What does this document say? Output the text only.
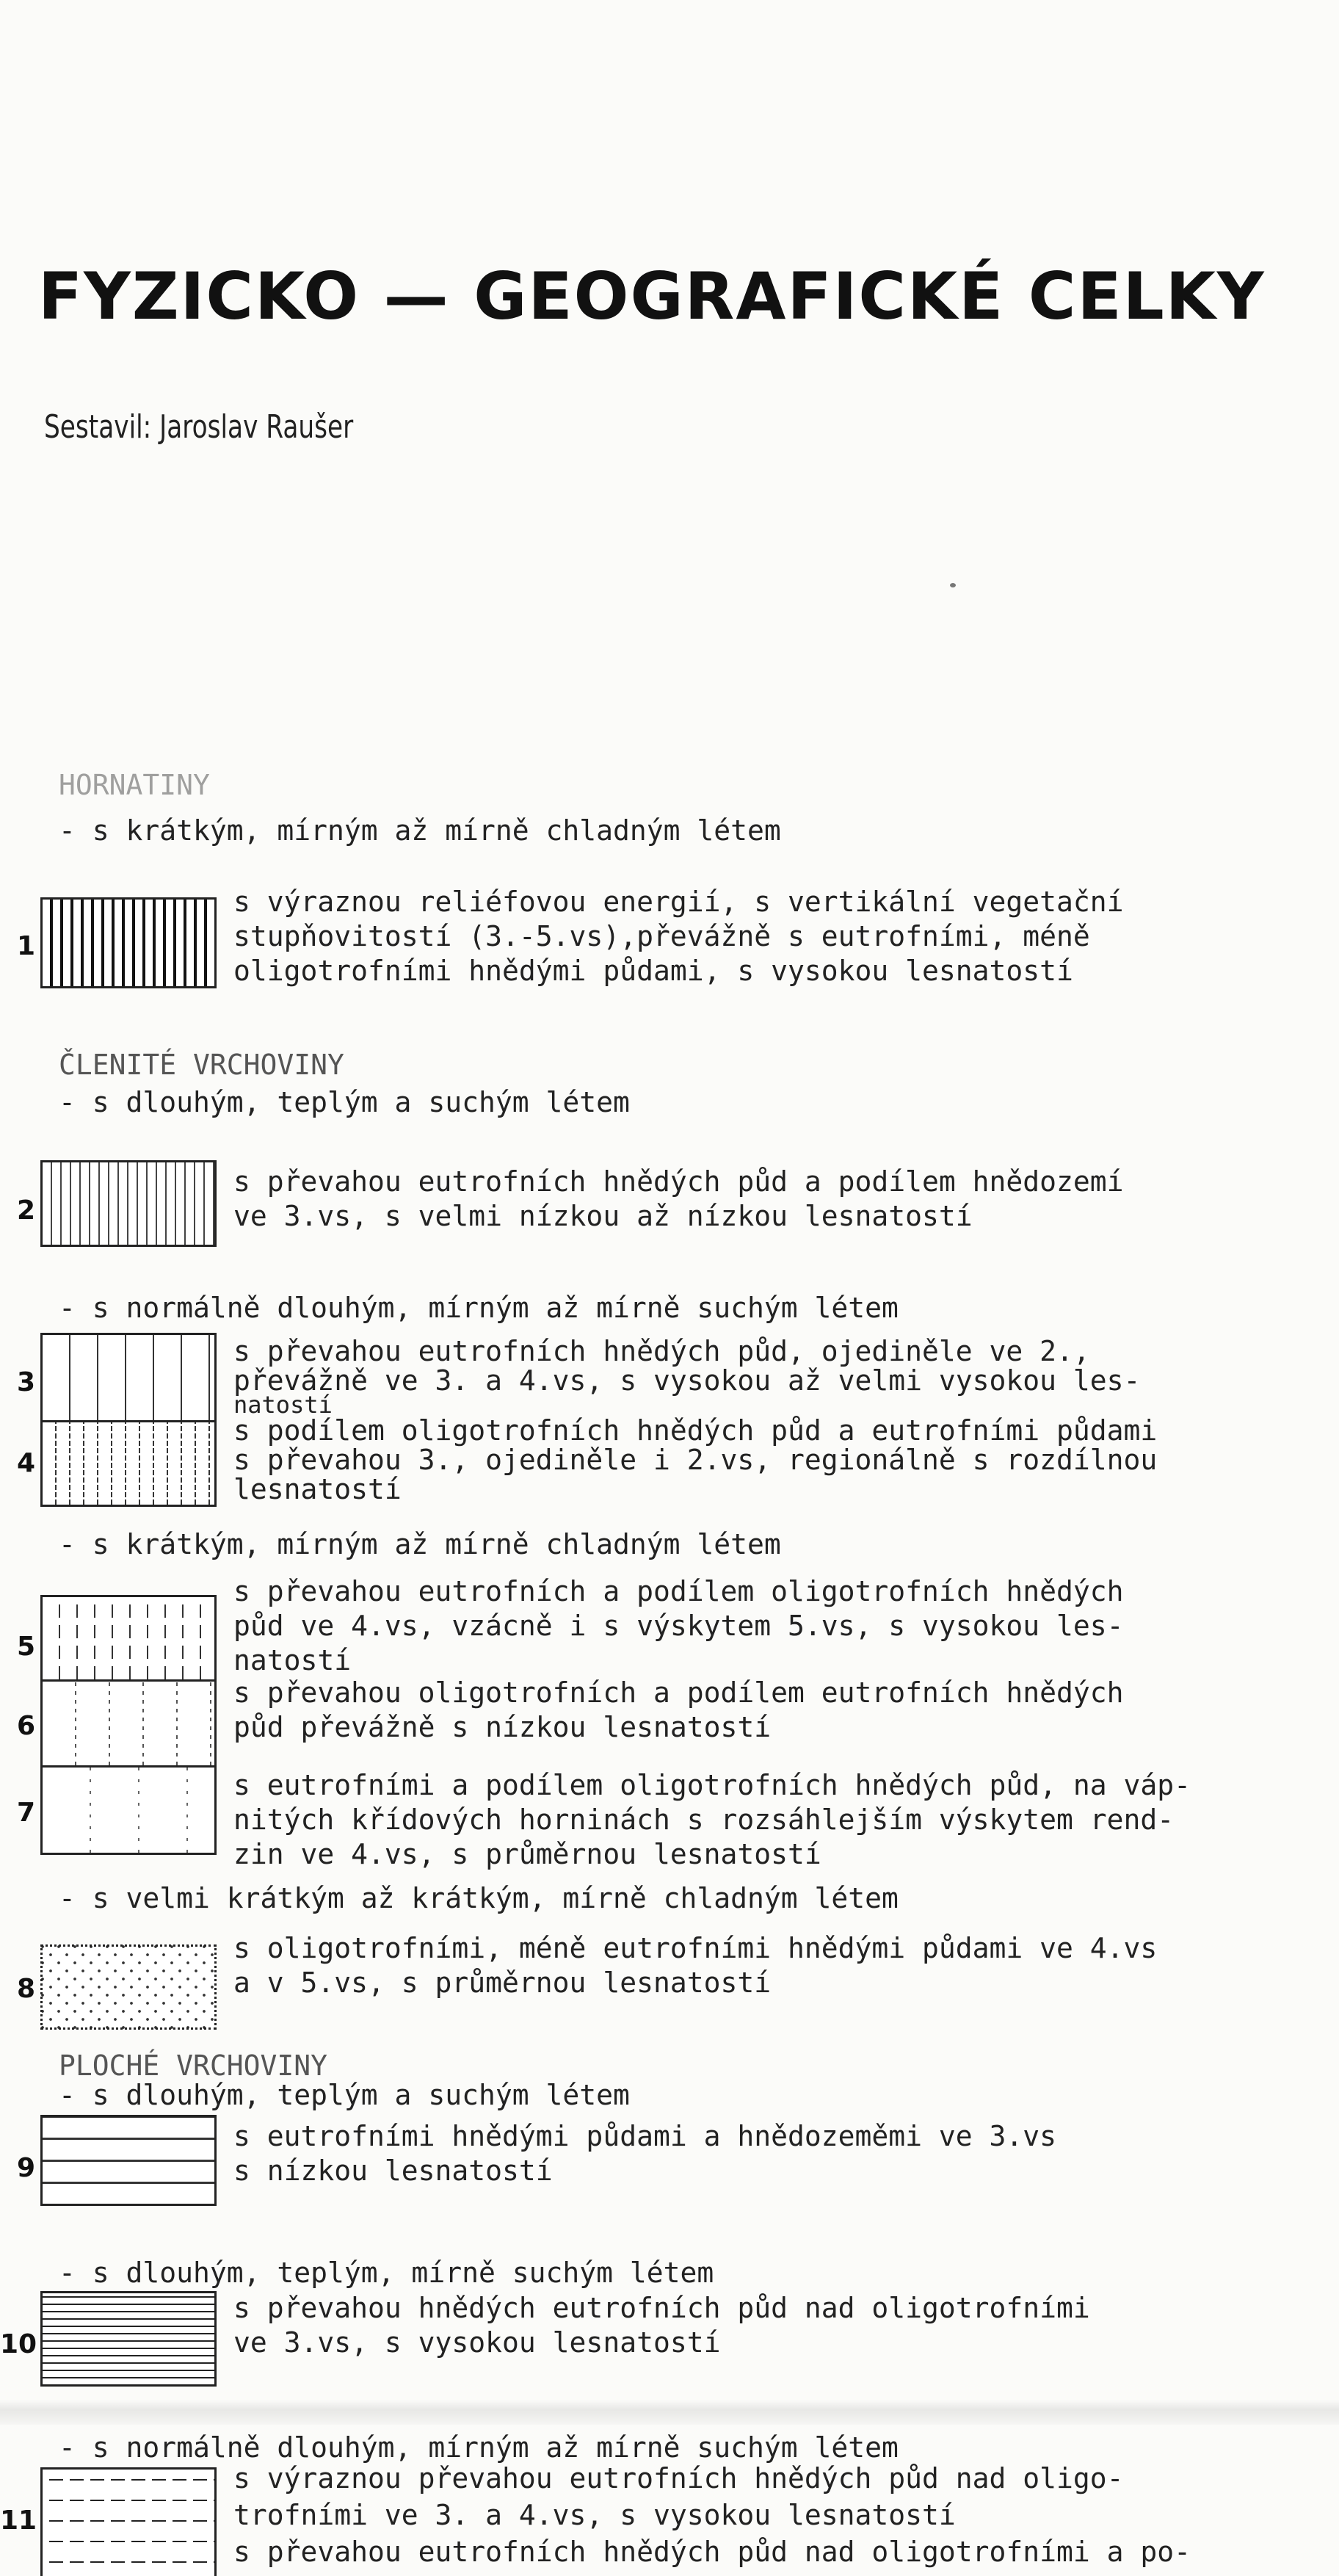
FYZICKO — GEOGRAFICKÉ CELKY
Sestavil: Jaroslav Raušer
HORNATINY
- s krátkým, mírným až mírně chladným létem
1
s výraznou reliéfovou energií, s vertikální vegetační
stupňovitostí (3.-5.vs),převážně s eutrofními, méně
oligotrofními hnědými půdami, s vysokou lesnatostí
ČLENITÉ VRCHOVINY
- s dlouhým, teplým a suchým létem
2
s převahou eutrofních hnědých půd a podílem hnědozemí
ve 3.vs, s velmi nízkou až nízkou lesnatostí
- s normálně dlouhým, mírným až mírně suchým létem
3
s převahou eutrofních hnědých půd, ojediněle ve 2.,
převážně ve 3. a 4.vs, s vysokou až velmi vysokou les-
natostí
4
s podílem oligotrofních hnědých půd a eutrofními půdami
s převahou 3., ojediněle i 2.vs, regionálně s rozdílnou
lesnatostí
- s krátkým, mírným až mírně chladným létem
5
s převahou eutrofních a podílem oligotrofních hnědých
půd ve 4.vs, vzácně i s výskytem 5.vs, s vysokou les-
natostí
6
s převahou oligotrofních a podílem eutrofních hnědých
půd převážně s nízkou lesnatostí
7
s eutrofními a podílem oligotrofních hnědých půd, na váp-
nitých křídových horninách s rozsáhlejším výskytem rend-
zin ve 4.vs, s průměrnou lesnatostí
- s velmi krátkým až krátkým, mírně chladným létem
8
s oligotrofními, méně eutrofními hnědými půdami ve 4.vs
a v 5.vs, s průměrnou lesnatostí
PLOCHÉ VRCHOVINY
- s dlouhým, teplým a suchým létem
9
s eutrofními hnědými půdami a hnědozeměmi ve 3.vs
s nízkou lesnatostí
- s dlouhým, teplým, mírně suchým létem
10
s převahou hnědých eutrofních půd nad oligotrofními
ve 3.vs, s vysokou lesnatostí
- s normálně dlouhým, mírným až mírně suchým létem
11
s výraznou převahou eutrofních hnědých půd nad oligo-
trofními ve 3. a 4.vs, s vysokou lesnatostí
s převahou eutrofních hnědých půd nad oligotrofními a po-
